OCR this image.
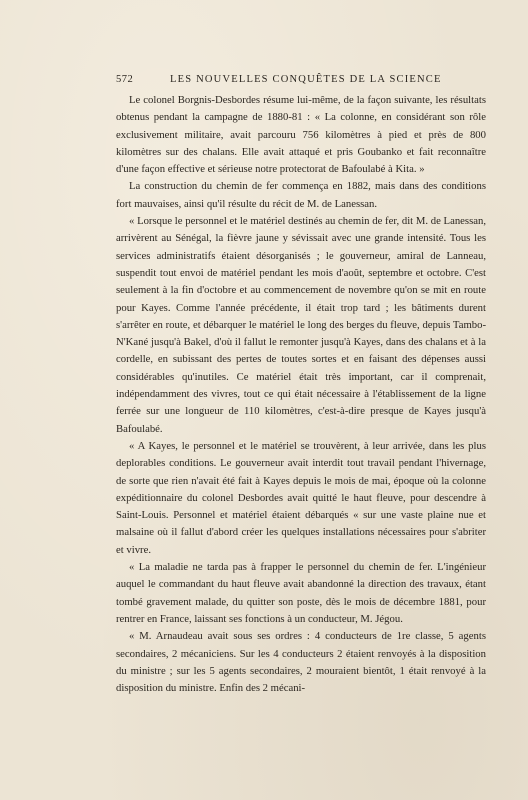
572	LES NOUVELLES CONQUÊTES DE LA SCIENCE

Le colonel Borgnis-Desbordes résume lui-même, de la façon suivante, les résultats obtenus pendant la campagne de 1880-81 : « La colonne, en considérant son rôle exclusivement militaire, avait parcouru 756 kilomètres à pied et près de 800 kilomètres sur des chalans. Elle avait attaqué et pris Goubanko et fait reconnaître d'une façon effective et sérieuse notre protectorat de Bafoulabé à Kita. »

La construction du chemin de fer commença en 1882, mais dans des conditions fort mauvaises, ainsi qu'il résulte du récit de M. de Lanessan.

« Lorsque le personnel et le matériel destinés au chemin de fer, dit M. de Lanessan, arrivèrent au Sénégal, la fièvre jaune y sévissait avec une grande intensité. Tous les services administratifs étaient désorganisés ; le gouverneur, amiral de Lanneau, suspendit tout envoi de matériel pendant les mois d'août, septembre et octobre. C'est seulement à la fin d'octobre et au commencement de novembre qu'on se mit en route pour Kayes. Comme l'année précédente, il était trop tard ; les bâtiments durent s'arrêter en route, et débarquer le matériel le long des berges du fleuve, depuis Tambo-N'Kané jusqu'à Bakel, d'où il fallut le remonter jusqu'à Kayes, dans des chalans et à la cordelle, en subissant des pertes de toutes sortes et en faisant des dépenses aussi considérables qu'inutiles. Ce matériel était très important, car il comprenait, indépendamment des vivres, tout ce qui était nécessaire à l'établissement de la ligne ferrée sur une longueur de 110 kilomètres, c'est-à-dire presque de Kayes jusqu'à Bafoulabé.

« A Kayes, le personnel et le matériel se trouvèrent, à leur arrivée, dans les plus deplorables conditions. Le gouverneur avait interdit tout travail pendant l'hivernage, de sorte que rien n'avait été fait à Kayes depuis le mois de mai, époque où la colonne expéditionnaire du colonel Desbordes avait quitté le haut fleuve, pour descendre à Saint-Louis. Personnel et matériel étaient débarqués « sur une vaste plaine nue et malsaine où il fallut d'abord créer les quelques installations nécessaires pour s'abriter et vivre.

« La maladie ne tarda pas à frapper le personnel du chemin de fer. L'ingénieur auquel le commandant du haut fleuve avait abandonné la direction des travaux, étant tombé gravement malade, du quitter son poste, dès le mois de décembre 1881, pour rentrer en France, laissant ses fonctions à un conducteur, M. Jégou.

« M. Arnaudeau avait sous ses ordres : 4 conducteurs de 1re classe, 5 agents secondaires, 2 mécaniciens. Sur les 4 conducteurs 2 étaient renvoyés à la disposition du ministre ; sur les 5 agents secondaires, 2 mouraient bientôt, 1 était renvoyé à la disposition du ministre. Enfin des 2 mécani-
